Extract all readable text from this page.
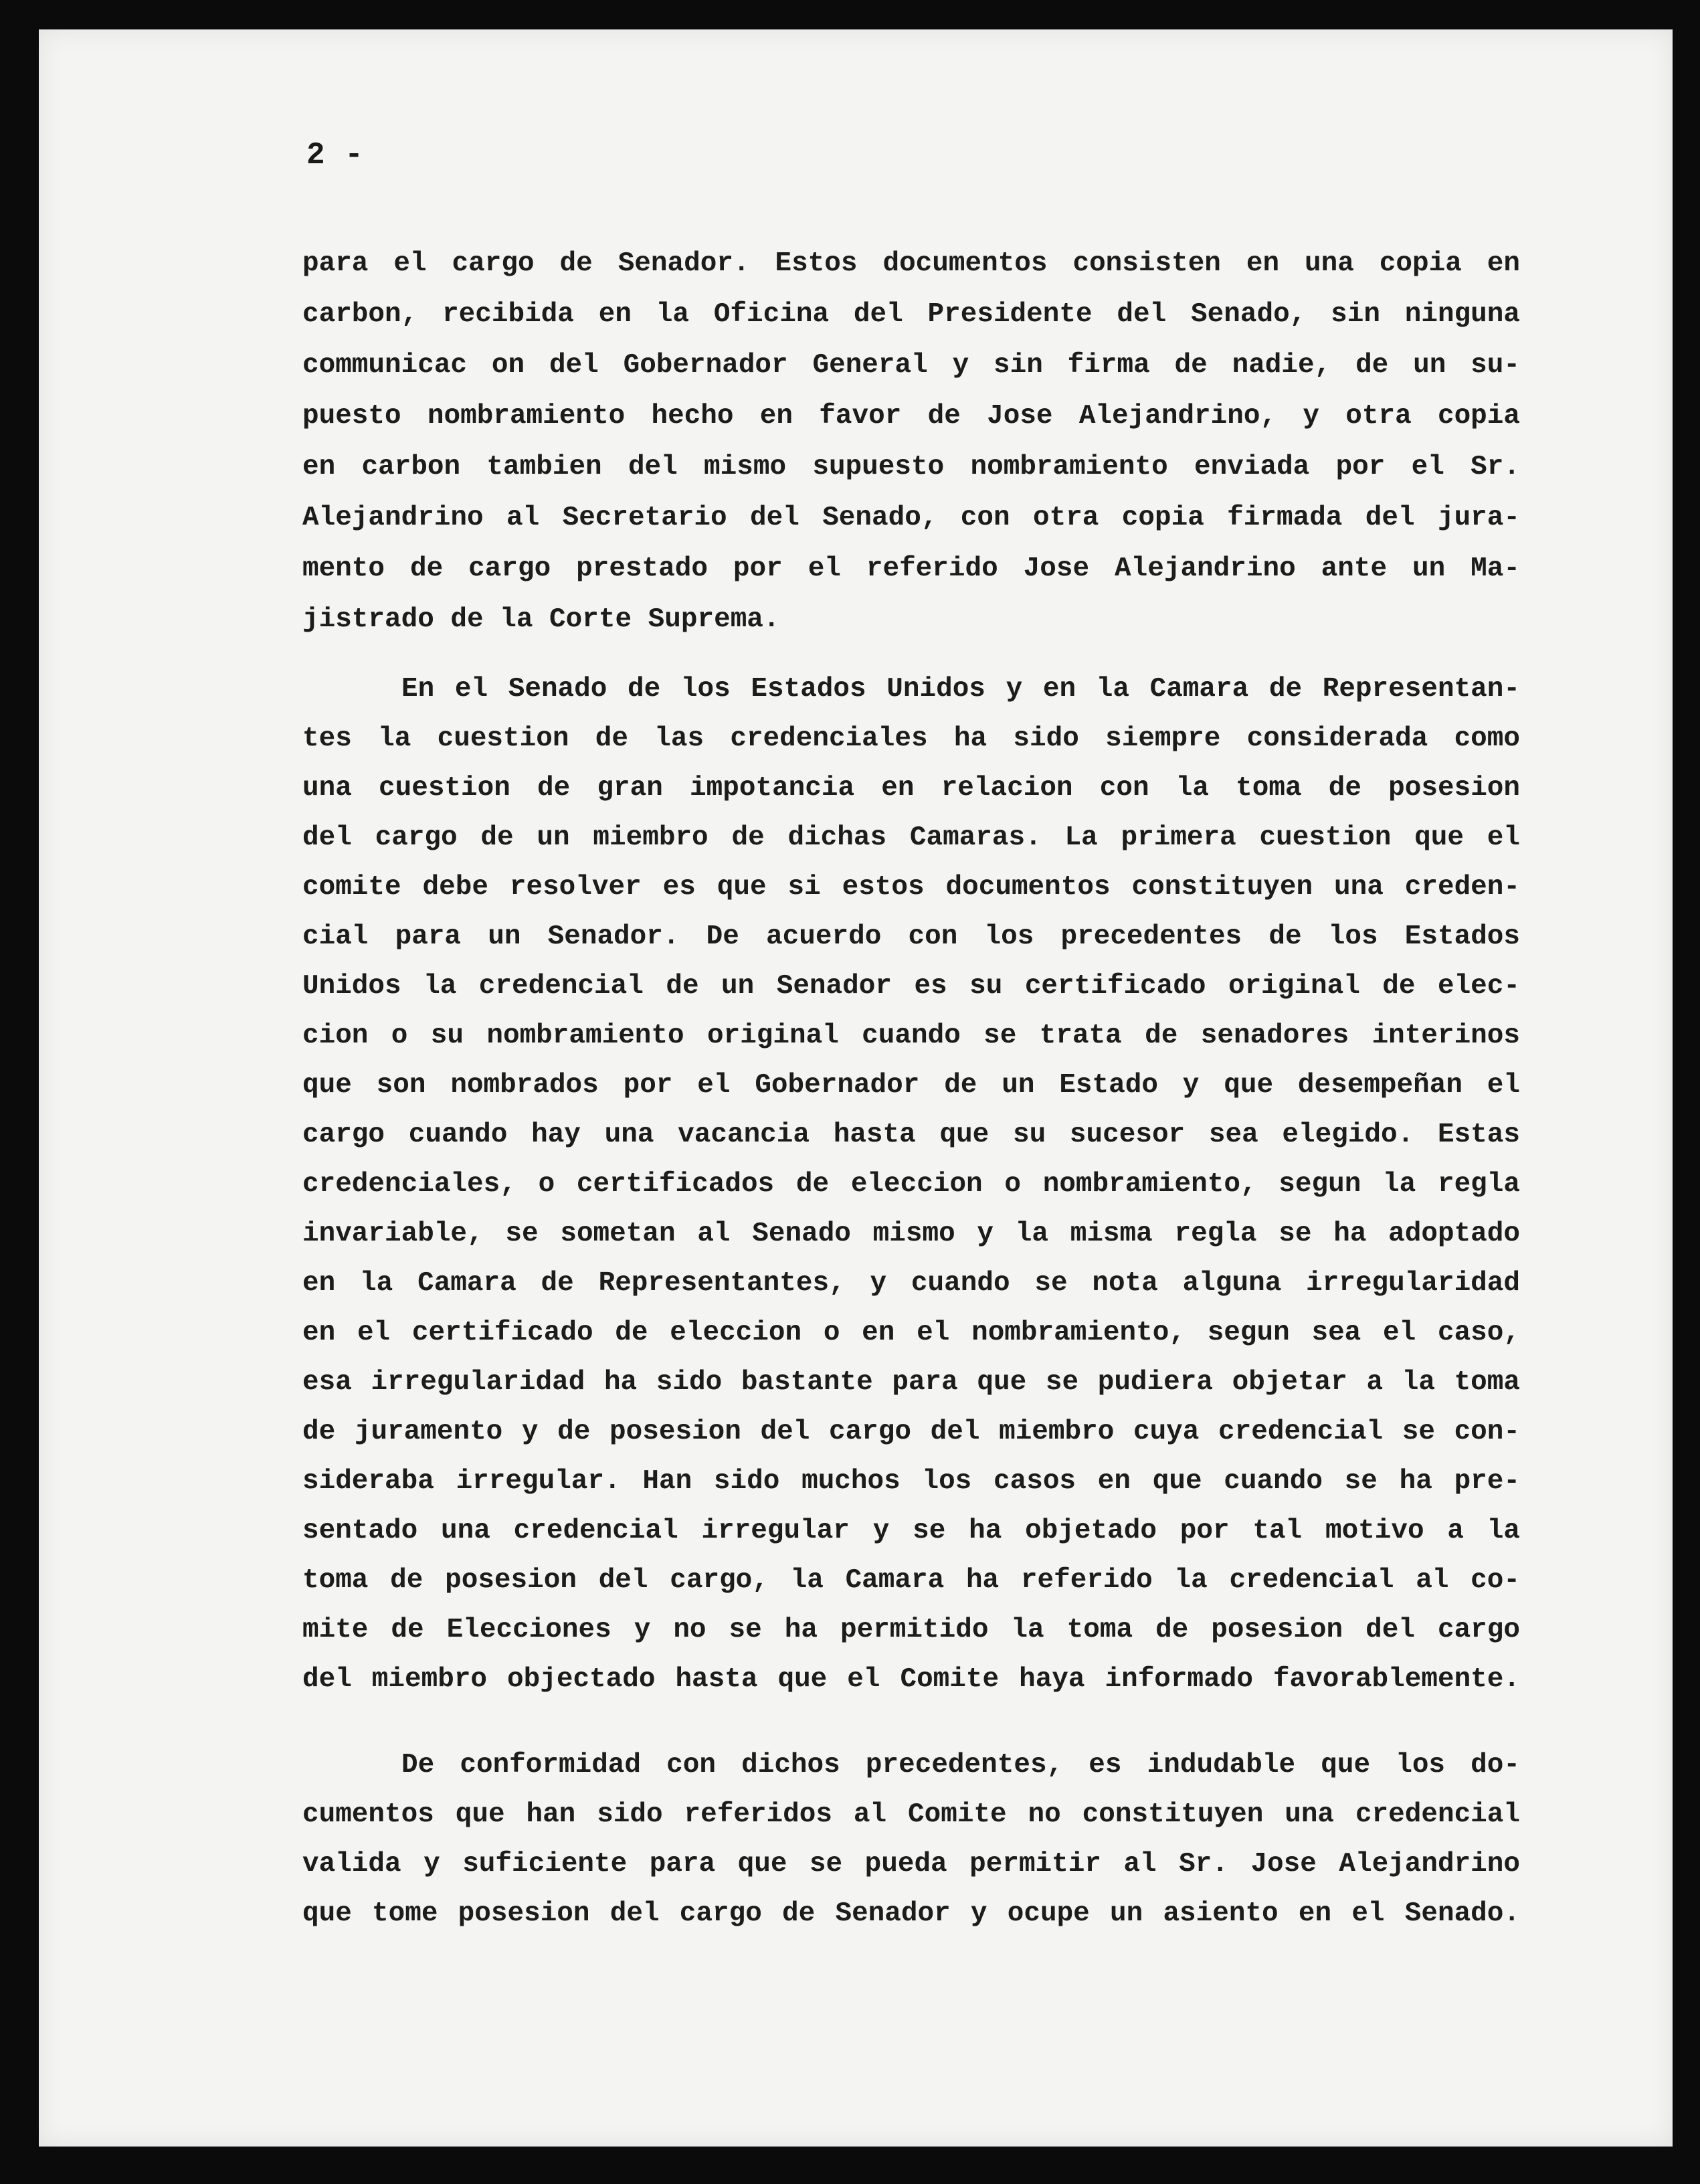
2 -
para el cargo de Senador. Estos documentos consisten en una copia en
carbon, recibida en la Oficina del Presidente del Senado, sin ninguna
communicac on del Gobernador General y sin firma de nadie, de un su-
puesto nombramiento hecho en favor de Jose Alejandrino, y otra copia
en carbon tambien del mismo supuesto nombramiento enviada por el Sr.
Alejandrino al Secretario del Senado, con otra copia firmada del jura-
mento de cargo prestado por el referido Jose Alejandrino ante un Ma-
jistrado de la Corte Suprema.
En el Senado de los Estados Unidos y en la Camara de Representan-
tes la cuestion de las credenciales ha sido siempre considerada como
una cuestion de gran impotancia en relacion con la toma de posesion
del cargo de un miembro de dichas Camaras. La primera cuestion que el
comite debe resolver es que si estos documentos constituyen una creden-
cial para un Senador. De acuerdo con los precedentes de los Estados
Unidos la credencial de un Senador es su certificado original de elec-
cion o su nombramiento original cuando se trata de senadores interinos
que son nombrados por el Gobernador de un Estado y que desempeñan el
cargo cuando hay una vacancia hasta que su sucesor sea elegido. Estas
credenciales, o certificados de eleccion o nombramiento, segun la regla
invariable, se sometan al Senado mismo y la misma regla se ha adoptado
en la Camara de Representantes, y cuando se nota alguna irregularidad
en el certificado de eleccion o en el nombramiento, segun sea el caso,
esa irregularidad ha sido bastante para que se pudiera objetar a la toma
de juramento y de posesion del cargo del miembro cuya credencial se con-
sideraba irregular. Han sido muchos los casos en que cuando se ha pre-
sentado una credencial irregular y se ha objetado por tal motivo a la
toma de posesion del cargo, la Camara ha referido la credencial al co-
mite de Elecciones y no se ha permitido la toma de posesion del cargo
del miembro objectado hasta que el Comite haya informado favorablemente.
De conformidad con dichos precedentes, es indudable que los do-
cumentos que han sido referidos al Comite no constituyen una credencial
valida y suficiente para que se pueda permitir al Sr. Jose Alejandrino
que tome posesion del cargo de Senador y ocupe un asiento en el Senado.
